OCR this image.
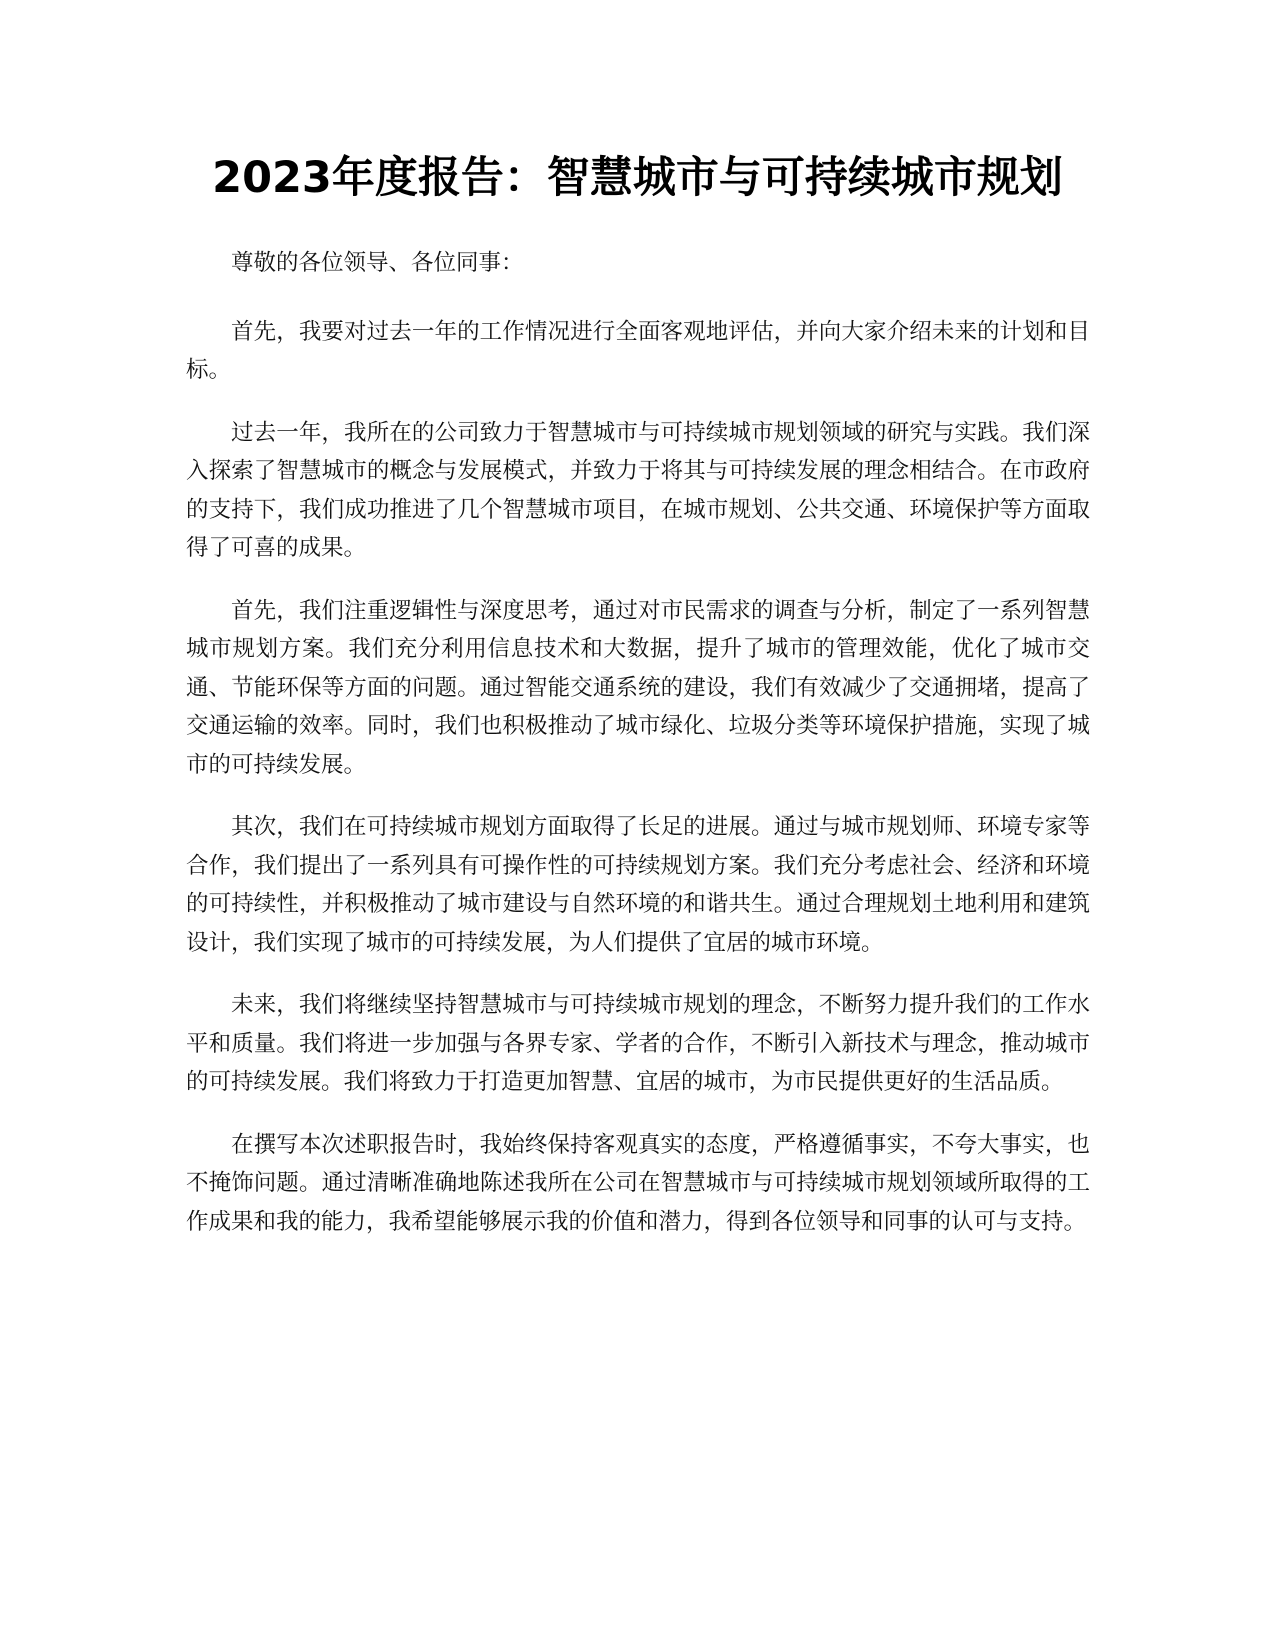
2023年度报告：智慧城市与可持续城市规划

尊敬的各位领导、各位同事：

首先，我要对过去一年的工作情况进行全面客观地评估，并向大家介绍未来的计划和目标。

过去一年，我所在的公司致力于智慧城市与可持续城市规划领域的研究与实践。我们深入探索了智慧城市的概念与发展模式，并致力于将其与可持续发展的理念相结合。在市政府的支持下，我们成功推进了几个智慧城市项目，在城市规划、公共交通、环境保护等方面取得了可喜的成果。

首先，我们注重逻辑性与深度思考，通过对市民需求的调查与分析，制定了一系列智慧城市规划方案。我们充分利用信息技术和大数据，提升了城市的管理效能，优化了城市交通、节能环保等方面的问题。通过智能交通系统的建设，我们有效减少了交通拥堵，提高了交通运输的效率。同时，我们也积极推动了城市绿化、垃圾分类等环境保护措施，实现了城市的可持续发展。

其次，我们在可持续城市规划方面取得了长足的进展。通过与城市规划师、环境专家等合作，我们提出了一系列具有可操作性的可持续规划方案。我们充分考虑社会、经济和环境的可持续性，并积极推动了城市建设与自然环境的和谐共生。通过合理规划土地利用和建筑设计，我们实现了城市的可持续发展，为人们提供了宜居的城市环境。

未来，我们将继续坚持智慧城市与可持续城市规划的理念，不断努力提升我们的工作水平和质量。我们将进一步加强与各界专家、学者的合作，不断引入新技术与理念，推动城市的可持续发展。我们将致力于打造更加智慧、宜居的城市，为市民提供更好的生活品质。

在撰写本次述职报告时，我始终保持客观真实的态度，严格遵循事实，不夸大事实，也不掩饰问题。通过清晰准确地陈述我所在公司在智慧城市与可持续城市规划领域所取得的工作成果和我的能力，我希望能够展示我的价值和潜力，得到各位领导和同事的认可与支持。
